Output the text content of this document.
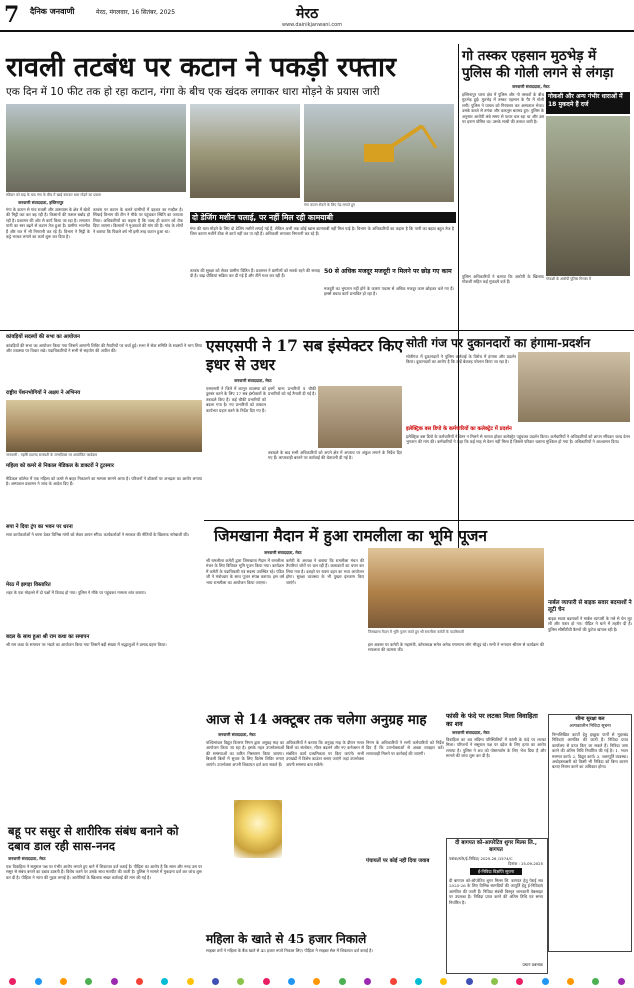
7 दैनिक जनवाणी	मेरठ, मंगलवार, 16 सितंबर, 2025	मेरठ
www.dainikjanwani.com
रावली तटबंध पर कटान ने पकड़ी रफ्तार
एक दिन में 10 फीट तक हो रहा कटान, गंगा के बीच एक खंदक लगाकर धारा मोड़ने के प्रयास जारी
गो तस्कर एहसान मुठभेड़ में पुलिस की गोली लगने से लंगड़ा
रविवार को बाढ़ के बाद गंगा के बीच में खाई बनाकर धारा मोड़ने का प्रयास
गंगा कटान रोकने के लिए पेड़ लगाते हुए
जनवाणी संवाददाता, हस्तिनापुर
गंगा के कटान से गांव रावली और आसपास के क्षेत्र में खेतों की मिट्टी कट कर बह रही है। किसानों की फसल बर्बाद हो रही है। प्रशासन की ओर से कार्य किया जा रहा है। लगातार पानी का स्तर बढ़ने से कटान तेज हुआ है। ग्रामीण भयभीत हैं और रात में भी निगरानी कर रहे हैं। विभाग ने मिट्टी के कट्टे भरकर लगाने का कार्य शुरू कर दिया है।
तटबंध पर कटान के चलते ग्रामीणों में दहशत का माहौल है। सिंचाई विभाग की टीम ने मौके पर पहुंचकर स्थिति का जायजा लिया। अधिकारियों का कहना है कि जल्द ही कटान को रोक दिया जाएगा। किसानों ने मुआवजे की मांग की है। गांव के लोगों ने बताया कि पिछले वर्ष भी इसी तरह कटान हुआ था।
दो डेजिंग मशीन चलाई, पर नहीं मिल रही कामयाबी
गंगा की धारा मोड़ने के लिए दो डेजिंग मशीनें लगाई गई हैं, लेकिन अभी तक कोई खास कामयाबी नहीं मिल पाई है। विभाग के अधिकारियों का कहना है कि पानी का बहाव बहुत तेज है जिस कारण मशीनें ठीक से कार्य नहीं कर पा रही हैं। अधिकारी लगातार निगरानी कर रहे हैं।
तटबंध की सुरक्षा को लेकर ग्रामीण चिंतित हैं। प्रशासन ने ग्रामीणों को सतर्क रहने की सलाह दी है। बाढ़ चौकियां सक्रिय कर दी गई हैं और टीमें गश्त कर रही हैं।
50 से अधिक मजदूर मजदूरी न मिलने पर छोड़ गए काम
मजदूरी का भुगतान नहीं होने के कारण पचास से अधिक मजदूर काम छोड़कर चले गए हैं। इससे बचाव कार्य प्रभावित हो रहा है।
जनवाणी संवाददाता, मेरठ
हस्तिनापुर थाना क्षेत्र में पुलिस और गो तस्करों के बीच मुठभेड़ हुई। मुठभेड़ में तस्कर एहसान के पैर में गोली लगी। पुलिस ने घायल को गिरफ्तार कर अस्पताल भेजा। उसके कब्जे से तमंचा और कारतूस बरामद हुए। पुलिस के अनुसार आरोपी लंबे समय से फरार चल रहा था और उस पर इनाम घोषित था। उसके साथी की तलाश जारी है।
गोकशी और अन्य गंभीर धाराओं में 18 मुकदमे हैं दर्ज
गोकशी के आरोपी पुलिस गिरफ्त में
पुलिस अधिकारियों ने बताया कि आरोपी के खिलाफ गोकशी सहित कई मुकदमे दर्ज हैं।
कांवड़ियों सदस्यों की सभा का आयोजन
कांवड़ियों की सभा का आयोजन किया गया जिसमें आगामी शिविर की तैयारियों पर चर्चा हुई। सभा में सेवा समिति के सदस्यों ने भाग लिया और व्यवस्था पर विचार रखे। पदाधिकारियों ने सभी से सहयोग की अपील की।
राष्ट्रीय पेंशनभोगियों ने अक्षय ने अभिनय
जनवाणी : महर्षि दयानंद सरस्वती के जन्मदिवस पर आयोजित कार्यक्रम
महिला को कमरे से निकाल मेडिकल के डाक्टरों ने टूटस्मार
मेडिकल कॉलेज में एक महिला को कमरे से बाहर निकालने का मामला सामने आया है। परिजनों ने डॉक्टरों पर अभद्रता का आरोप लगाया है। अस्पताल प्रशासन ने जांच के आदेश दिए हैं।
सपा ने दिया ट्रंप का भवन पर धरना
सपा कार्यकर्ताओं ने धरना देकर विभिन्न मांगों को लेकर ज्ञापन सौंपा। कार्यकर्ताओं ने सरकार की नीतियों के खिलाफ नारेबाजी की।
मेरठ में झगड़ा विस्तारित
शहर के एक मोहल्ले में दो पक्षों में विवाद हो गया। पुलिस ने मौके पर पहुंचकर मामला शांत कराया।
बदल के साथ हुआ श्री राम कथा का समापन
श्री राम कथा के समापन पर भंडारे का आयोजन किया गया जिसमें बड़ी संख्या में श्रद्धालुओं ने प्रसाद ग्रहण किया।
एसएसपी ने 17 सब इंस्पेक्टर किए इधर से उधर
जनवाणी संवाददाता, मेरठ
एसएसपी ने जिले में कानून व्यवस्था को दुरुस्त करने के लिए 17 सब इंस्पेक्टरों के तबादले किए हैं। कई चौकी प्रभारियों को बदला गया है। नए प्रभारियों को तत्काल कार्यभार ग्रहण करने के निर्देश दिए गए हैं।
इनमें थाना प्रभारियों व चौकी प्रभारियों को नई तैनाती दी गई है।
तबादले के बाद सभी अधिकारियों को अपने क्षेत्र में अपराध पर अंकुश लगाने के निर्देश दिए गए हैं। लापरवाही बरतने पर कार्रवाई की चेतावनी दी गई है।
सोती गंज पर दुकानदारों का हंगामा-प्रदर्शन
सोतीगंज में दुकानदारों ने पुलिस कार्रवाई के विरोध में हंगामा और प्रदर्शन किया। दुकानदारों का आरोप है कि उन्हें बेवजह परेशान किया जा रहा है।
इलेक्ट्रिक बस डिपो के कर्मचारियों का कलेक्ट्रेट में प्रदर्शन
इलेक्ट्रिक बस डिपो के कर्मचारियों ने वेतन न मिलने से नाराज होकर कलेक्ट्रेट पहुंचकर प्रदर्शन किया। कर्मचारियों ने अधिकारियों को ज्ञापन सौंपकर जल्द वेतन भुगतान की मांग की। कर्मचारियों ने कहा कि कई माह से वेतन नहीं मिला है जिससे परिवार चलाना मुश्किल हो गया है। अधिकारियों ने आश्वासन दिया।
जिमखाना मैदान में हुआ रामलीला का भूमि पूजन
जनवाणी संवाददाता, मेरठ
श्री रामलीला कमेटी द्वारा जिमखाना मैदान में रामलीला मंचन के लिए विधिवत भूमि पूजन किया गया। कार्यक्रम में कमेटी के पदाधिकारी एवं सदस्य उपस्थित रहे। पंडित जी ने मंत्रोच्चार के साथ पूजन संपन्न कराया। इस वर्ष भव्य रामलीला का आयोजन किया जाएगा।
कमेटी के अध्यक्ष ने बताया कि रामलीला मंचन की तैयारियां जोरों पर चल रही हैं। कलाकारों का चयन कर लिया गया है। दशहरे पर रावण दहन का भव्य आयोजन होगा। सुरक्षा व्यवस्था के भी पुख्ता इंतजाम किए जाएंगे।
जिमखाना मैदान में भूमि पूजन करते हुए श्री रामलीला कमेटी के पदाधिकारी
इस अवसर पर कमेटी के महामंत्री, कोषाध्यक्ष समेत अनेक गणमान्य लोग मौजूद रहे। सभी ने भगवान श्रीराम से कार्यक्रम की सफलता की कामना की।
नार्बल व्यापारी से बाइक सवार बदमाशों ने लूटी चेन
बाइक सवार बदमाशों ने मार्बल व्यापारी के गले से चेन लूट ली और फरार हो गए। पीड़ित ने थाने में तहरीर दी है। पुलिस सीसीटीवी कैमरों की फुटेज खंगाल रही है।
सीमा सुरक्षा बल
अल्पकालीन निविदा सूचना
निम्नलिखित कार्यों हेतु इच्छुक फर्मों से मुहरबंद निविदाएं आमंत्रित की जाती हैं। निविदा प्रपत्र कार्यालय से प्राप्त किए जा सकते हैं। निविदा जमा करने की अंतिम तिथि निर्धारित की गई है। 1. भवन मरम्मत कार्य। 2. विद्युत कार्य। 3. जलापूर्ति व्यवस्था। अधोहस्ताक्षरी को किसी भी निविदा को बिना कारण बताए निरस्त करने का अधिकार होगा।
फांसी के फंदे पर लटका मिला विवाहिता का शव
जनवाणी संवाददाता, मेरठ
विवाहिता का शव संदिग्ध परिस्थितियों में फांसी के फंदे पर लटका मिला। परिजनों ने ससुराल पक्ष पर दहेज के लिए हत्या का आरोप लगाया है। पुलिस ने शव को पोस्टमार्टम के लिए भेज दिया है और मामले की जांच शुरू कर दी है।
आज से 14 अक्टूबर तक चलेगा अनुग्रह माह
जनवाणी संवाददाता, मेरठ
पश्चिमांचल विद्युत वितरण निगम द्वारा अनुग्रह माह का आयोजन किया जा रहा है। इसके तहत उपभोक्ताओं की समस्याओं का त्वरित निस्तारण किया जाएगा। बिजली बिलों में सुधार के लिए विशेष शिविर लगाए जाएंगे। उपभोक्ता अपनी शिकायत दर्ज करा सकते हैं।
अधिकारियों ने बताया कि अनुग्रह माह के दौरान गलत बिलों का संशोधन, मीटर बदलने और नए कनेक्शन से संबंधित कार्य प्राथमिकता पर किए जाएंगे। सभी उपखंडों में विशेष काउंटर बनाए जाएंगे जहां उपभोक्ता अपनी समस्या बता सकेंगे।
निगम के अधिकारियों ने सभी कर्मचारियों को निर्देश दिए हैं कि उपभोक्ताओं से अच्छा व्यवहार करें। लापरवाही मिलने पर कार्रवाई की जाएगी।
पंचायतों पर कोई नहीं दिया जवाब
महिला के खाते से 45 हजार निकाले
साइबर ठगों ने महिला के बैंक खाते से 45 हजार रुपये निकाल लिए। पीड़िता ने साइबर सेल में शिकायत दर्ज कराई है।
बहू पर ससुर से शारीरिक संबंध बनाने को दबाव डाल रही सास-ननद
जनवाणी संवाददाता, मेरठ
एक विवाहिता ने ससुराल पक्ष पर गंभीर आरोप लगाते हुए थाने में शिकायत दर्ज कराई है। पीड़िता का आरोप है कि सास और ननद उस पर ससुर से संबंध बनाने का दबाव डालती हैं। विरोध करने पर उसके साथ मारपीट की जाती है। पुलिस ने मामले में मुकदमा दर्ज कर जांच शुरू कर दी है। पीड़िता ने न्याय की गुहार लगाई है। आरोपियों के खिलाफ सख्त कार्रवाई की मांग की गई है।
दी बागपत को-आपरेटिव शुगर मिल्स लि., बागपत
पत्रांक/स्टोर/ई-निविदा/ 2025-26 /1574/C
दिनांक : 15-09-2025
ई-निविदा विज्ञप्ति सूचना
दी बागपत को-ऑपरेटिव शुगर मिल्स लि. बागपत हेतु पेराई सत्र 2025-26 के लिए विभिन्न सामग्रियों की आपूर्ति हेतु ई-निविदाएं आमंत्रित की जाती हैं। निविदा संबंधी विस्तृत जानकारी वेबसाइट पर उपलब्ध है। निविदा प्राप्त करने की अंतिम तिथि एवं समय निर्धारित है।
प्रधान प्रबन्धक
